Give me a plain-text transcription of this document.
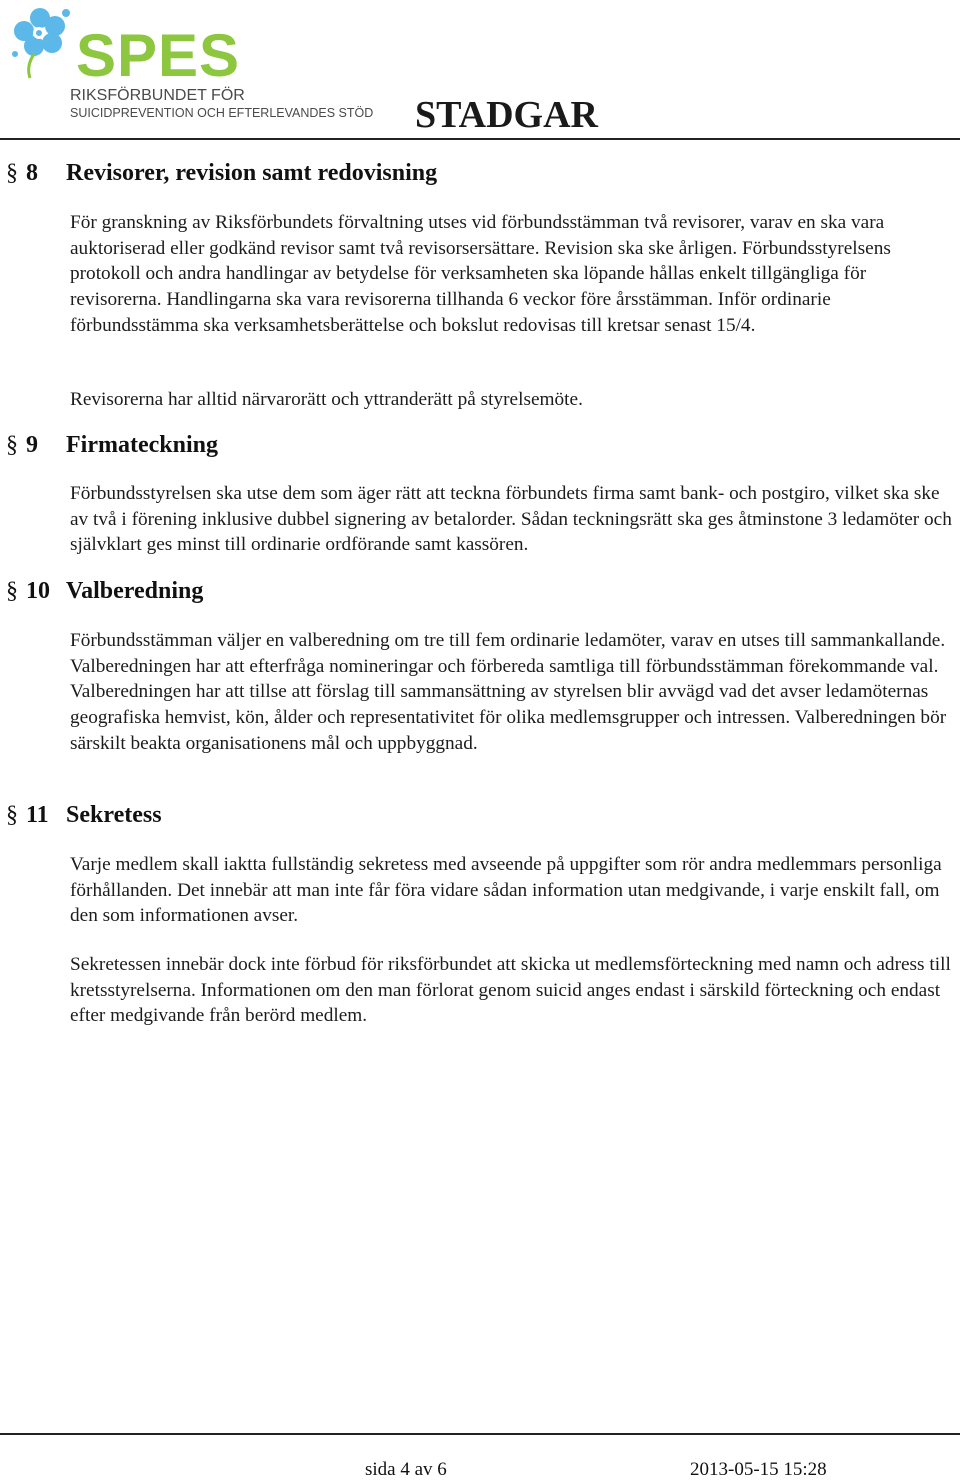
SPES
RIKSFÖRBUNDET FÖR
SUICIDPREVENTION OCH EFTERLEVANDES STÖD STADGAR
§ 8 Revisorer, revision samt redovisning

För granskning av Riksförbundets förvaltning utses vid förbundsstämman två revisorer, varav en ska vara auktoriserad eller godkänd revisor samt två revisorsersättare. Revision ska ske årligen. Förbundsstyrelsens protokoll och andra handlingar av betydelse för verksamheten ska löpande hållas enkelt tillgängliga för revisorerna. Handlingarna ska vara revisorerna tillhanda 6 veckor före årsstämman. Inför ordinarie förbundsstämma ska verksamhetsberättelse och bokslut redovisas till kretsar senast 15/4.

Revisorerna har alltid närvarorätt och yttranderätt på styrelsemöte.

§ 9 Firmateckning

Förbundsstyrelsen ska utse dem som äger rätt att teckna förbundets firma samt bank- och postgiro, vilket ska ske av två i förening inklusive dubbel signering av betalorder. Sådan teckningsrätt ska ges åtminstone 3 ledamöter och självklart ges minst till ordinarie ordförande samt kassören.

§ 10 Valberedning

Förbundsstämman väljer en valberedning om tre till fem ordinarie ledamöter, varav en utses till sammankallande. Valberedningen har att efterfråga nomineringar och förbereda samtliga till förbundsstämman förekommande val. Valberedningen har att tillse att förslag till sammansättning av styrelsen blir avvägd vad det avser ledamöternas geografiska hemvist, kön, ålder och representativitet för olika medlemsgrupper och intressen. Valberedningen bör särskilt beakta organisationens mål och uppbyggnad.

§ 11 Sekretess

Varje medlem skall iaktta fullständig sekretess med avseende på uppgifter som rör andra medlemmars personliga förhållanden. Det innebär att man inte får föra vidare sådan information utan medgivande, i varje enskilt fall, om den som informationen avser.

Sekretessen innebär dock inte förbud för riksförbundet att skicka ut medlemsförteckning med namn och adress till kretsstyrelserna. Informationen om den man förlorat genom suicid anges endast i särskild förteckning och endast efter medgivande från berörd medlem.

sida 4 av 6	2013-05-15 15:28
